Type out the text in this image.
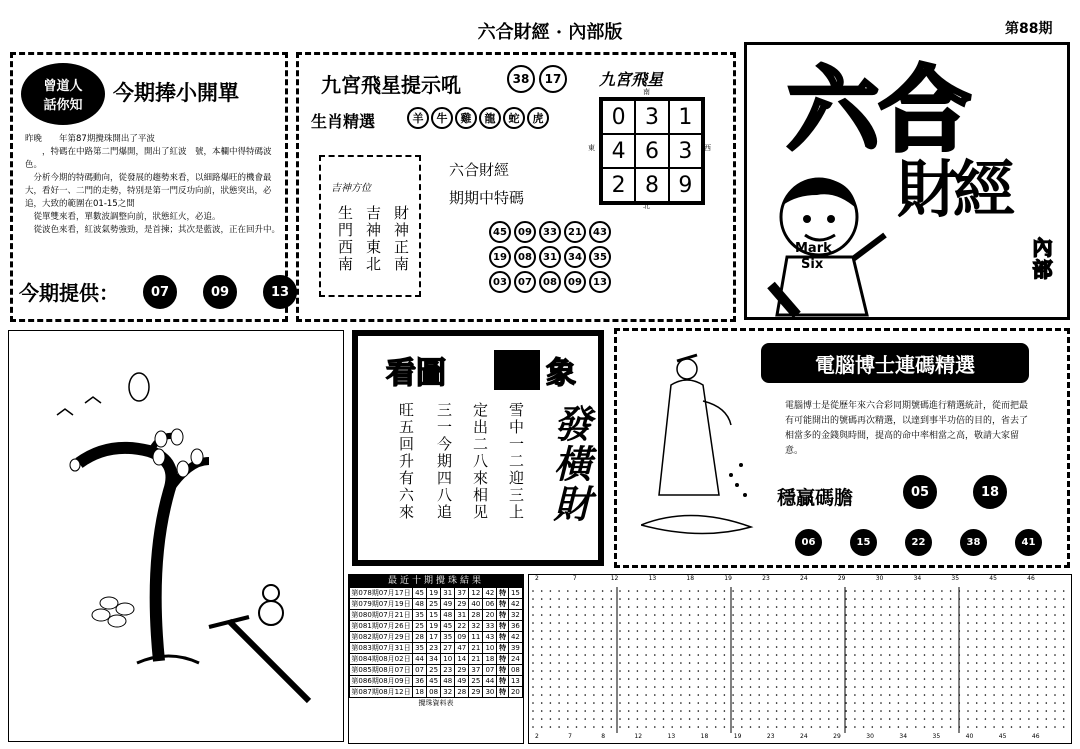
六合財經 · 內部版	第88期
曾道人
話你知
今期捧小開單
昨晚　　年第87期攪珠開出了平波
　　，特碼在中路第二門爆開，開出了紅波　號，本欄中得特碼波色。
　分析今期的特碼動向，從發展的趨勢來看，以細路爆旺的機會最大，看好一、二門的走勢，特別是第一門反功向前，狀態突出，必追，大致的範圍在01-15之間
　從單雙來看，單數波調整向前，狀態紅火，必追。
　從波色來看，紅波氣勢強勁，是首揀；其次是藍波，正在回升中。
今期提供：	07	09	13
九宮飛星提示吼	38	17
生肖精選	羊	牛	雞	龍	蛇	虎
九宮飛星
0 3 1
4 6 3
2 8 9
南
北
東	西
吉神方位
財神正南
吉神東北
生門西南
六合財經
期期中特碼
45	09	33	21	43
19	08	31	34	35
03	07	08	09	13
六合
財經
Mark
Six	內部
看圖	象
雪中一二迎三上
定出二八來相见
三一今期四八追
旺五回升有六來	發橫財
電腦博士連碼精選
電腦博士是從歷年來六合彩同期號碼進行精選統計，從而把最有可能開出的號碼再次精選，以達到事半功倍的目的，省去了相當多的金錢與時間，提高的命中率相當之高，敬請大家留意。
穩贏碼膽	05	18
06	15	22	38	41
最近十期攪珠結果
第078期07月17日	45	19	31	37	12	42	特	15
第079期07月19日	48	25	49	29	40	06	特	42
第080期07月21日	35	15	48	31	28	20	特	32
第081期07月26日	25	19	45	22	32	33	特	36
第082期07月29日	28	17	35	09	11	43	特	42
第083期07月31日	35	23	27	47	21	10	特	39
第084期08月02日	44	34	10	14	21	18	特	24
第085期08月07日	07	25	23	29	37	07	特	08
第086期08月09日	36	45	48	49	25	44	特	13
第087期08月12日	18	08	32	28	29	30	特	20
攪珠資料表
2	7	12	13	18	19	23	24	29	30	34	35	45	46
2	7	8	12	13	18	19	23	24	29	30	34	35	40	45	46
